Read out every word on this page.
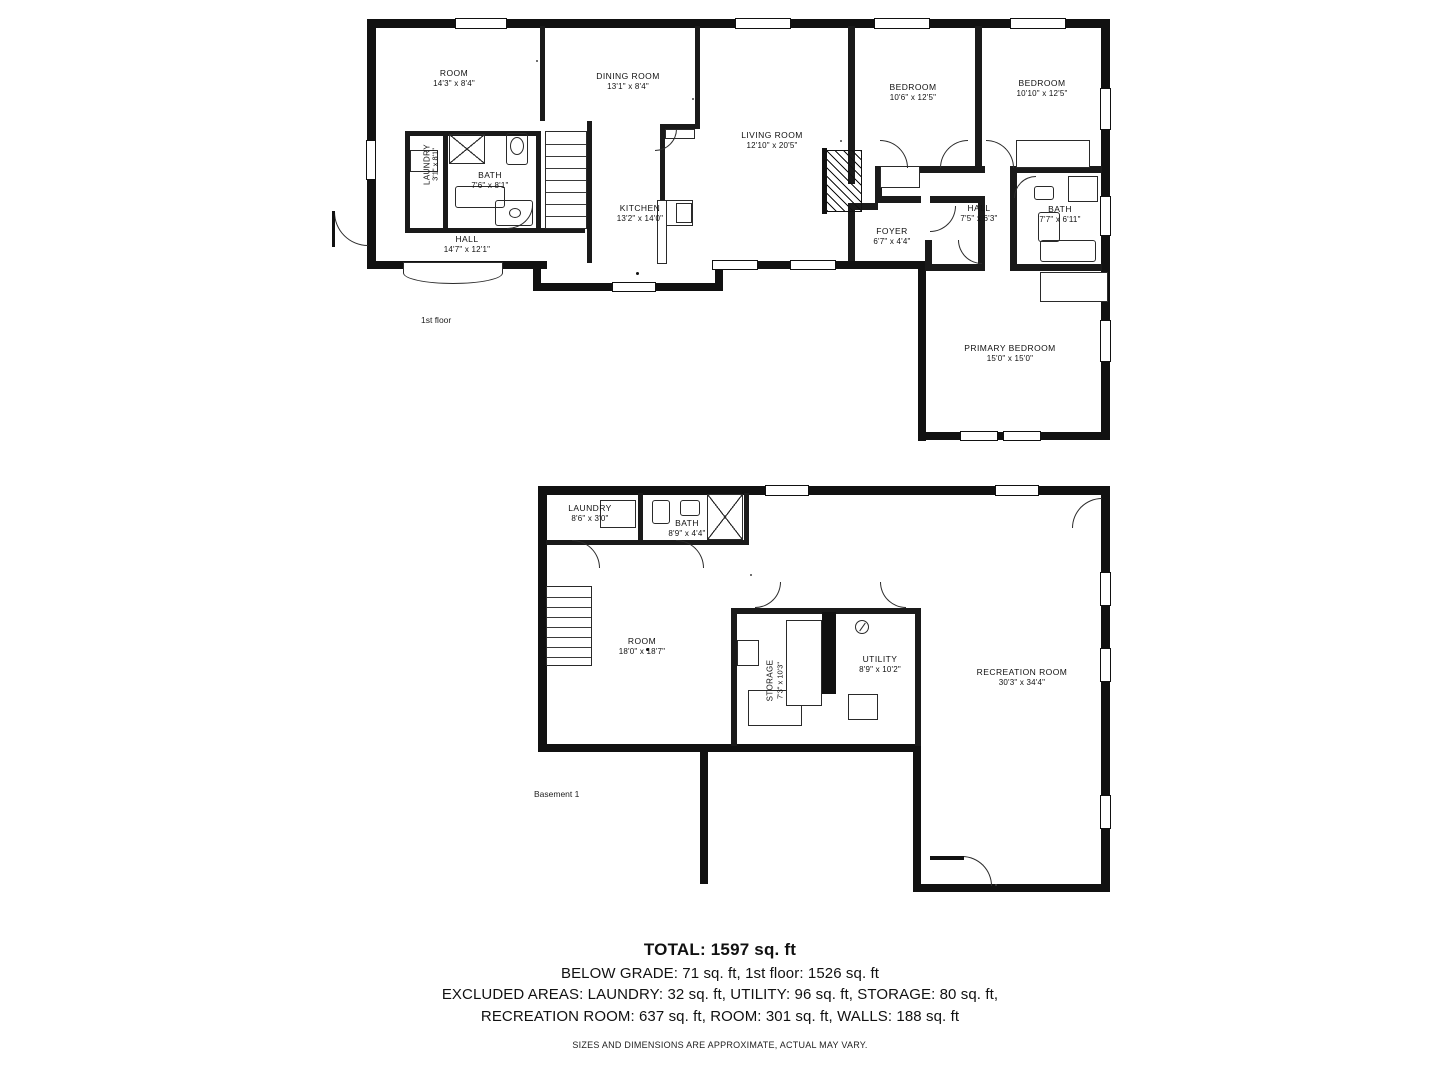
ROOM
14'3" x 8'4"
DINING ROOM
13'1" x 8'4"
LIVING ROOM
12'10" x 20'5"
BEDROOM
10'6" x 12'5"
BEDROOM
10'10" x 12'5"
LAUNDRY 3'1" x 8'1"	BATH
7'6" x 8'1"
KITCHEN
13'2" x 14'0"
HALL
14'7" x 12'1"
FOYER
6'7" x 4'4"
HALL
7'5" x 6'3"
BATH
7'7" x 6'11"
PRIMARY BEDROOM
15'0" x 15'0"
1st floor
LAUNDRY
8'6" x 3'0"	BATH
8'9" x 4'4"
ROOM
18'0" x 18'7"
STORAGE 7'3" x 10'3"
UTILITY
8'9" x 10'2"	RECREATION ROOM
30'3" x 34'4"
Basement 1
TOTAL: 1597 sq. ft
BELOW GRADE: 71 sq. ft, 1st floor: 1526 sq. ft
EXCLUDED AREAS: LAUNDRY: 32 sq. ft, UTILITY: 96 sq. ft, STORAGE: 80 sq. ft,
RECREATION ROOM: 637 sq. ft, ROOM: 301 sq. ft, WALLS: 188 sq. ft
SIZES AND DIMENSIONS ARE APPROXIMATE, ACTUAL MAY VARY.
